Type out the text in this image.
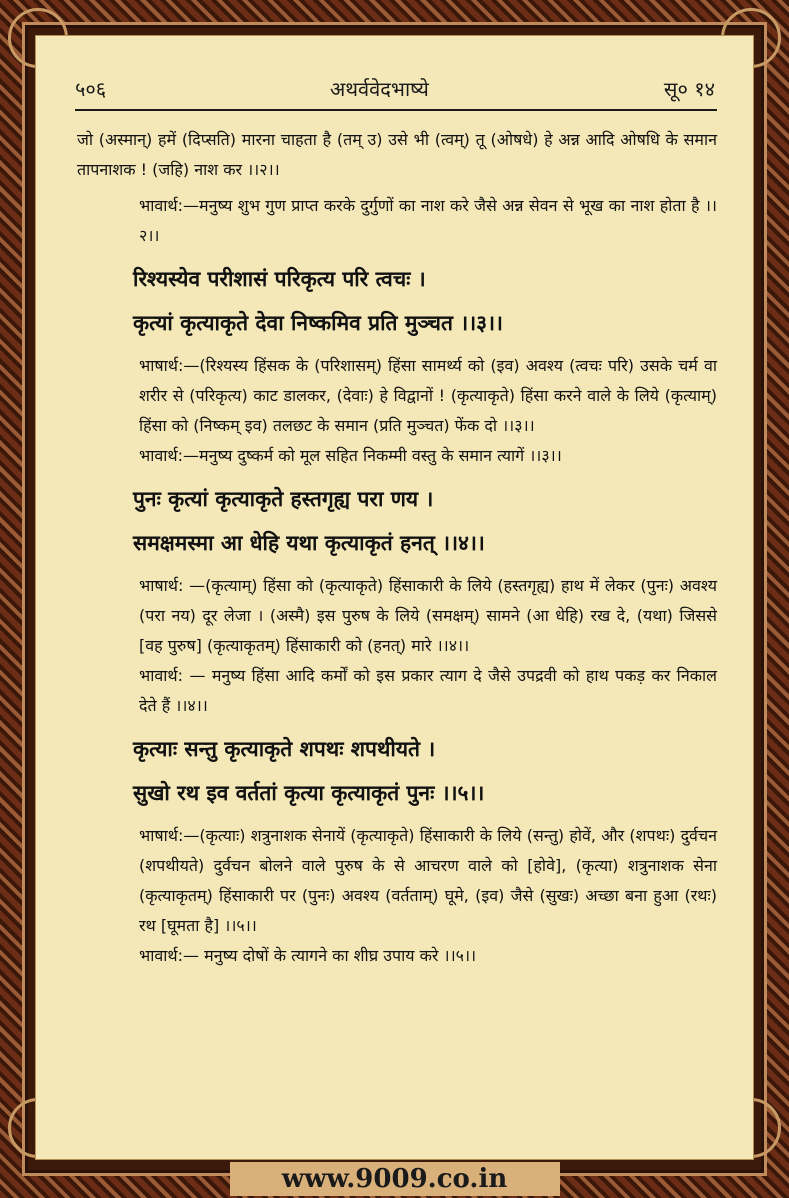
५०६	अथर्ववेदभाष्ये	सू० १४

जो (अस्मान्) हमें (दिप्सति) मारना चाहता है (तम् उ) उसे भी (त्वम्) तू (ओषधे) हे अन्न आदि ओषधि के समान तापनाशक ! (जहि) नाश कर ।।२।।

भावार्थ:—मनुष्य शुभ गुण प्राप्त करके दुर्गुणों का नाश करे जैसे अन्न सेवन से भूख का नाश होता है ।।२।।

रिश्यस्येव परीशासं परिकृत्य परि त्वचः ।

कृत्यां कृत्याकृते देवा निष्कमिव प्रति मुञ्चत ।।३।।

भाषार्थ:—(रिश्यस्य हिंसक के (परिशासम्) हिंसा सामर्थ्य को (इव) अवश्य (त्वचः परि) उसके चर्म वा शरीर से (परिकृत्य) काट डालकर, (देवाः) हे विद्वानों ! (कृत्याकृते) हिंसा करने वाले के लिये (कृत्याम्) हिंसा को (निष्कम् इव) तलछट के समान (प्रति मुञ्चत) फेंक दो ।।३।।

भावार्थ:—मनुष्य दुष्कर्म को मूल सहित निकम्मी वस्तु के समान त्यागें ।।३।।

पुनः कृत्यां कृत्याकृते हस्तगृह्य परा णय ।

समक्षमस्मा आ धेहि यथा कृत्याकृतं हनत् ।।४।।

भाषार्थ: —(कृत्याम्) हिंसा को (कृत्याकृते) हिंसाकारी के लिये (हस्तगृह्य) हाथ में लेकर (पुनः) अवश्य (परा नय) दूर लेजा । (अस्मै) इस पुरुष के लिये (समक्षम्) सामने (आ धेहि) रख दे, (यथा) जिससे [वह पुरुष] (कृत्याकृतम्) हिंसाकारी को (हनत्) मारे ।।४।।

भावार्थ: — मनुष्य हिंसा आदि कर्मों को इस प्रकार त्याग दे जैसे उपद्रवी को हाथ पकड़ कर निकाल देते हैं ।।४।।

कृत्याः सन्तु कृत्याकृते शपथः शपथीयते ।

सुखो रथ इव वर्ततां कृत्या कृत्याकृतं पुनः ।।५।।

भाषार्थ:—(कृत्याः) शत्रुनाशक सेनायें (कृत्याकृते) हिंसाकारी के लिये (सन्तु) होवें, और (शपथः) दुर्वचन (शपथीयते) दुर्वचन बोलने वाले पुरुष के से आचरण वाले को [होवे], (कृत्या) शत्रुनाशक सेना (कृत्याकृतम्) हिंसाकारी पर (पुनः) अवश्य (वर्तताम्) घूमे, (इव) जैसे (सुखः) अच्छा बना हुआ (रथः) रथ [घूमता है] ।।५।।

भावार्थ:— मनुष्य दोषों के त्यागने का शीघ्र उपाय करे ।।५।।

www.9009.co.in
